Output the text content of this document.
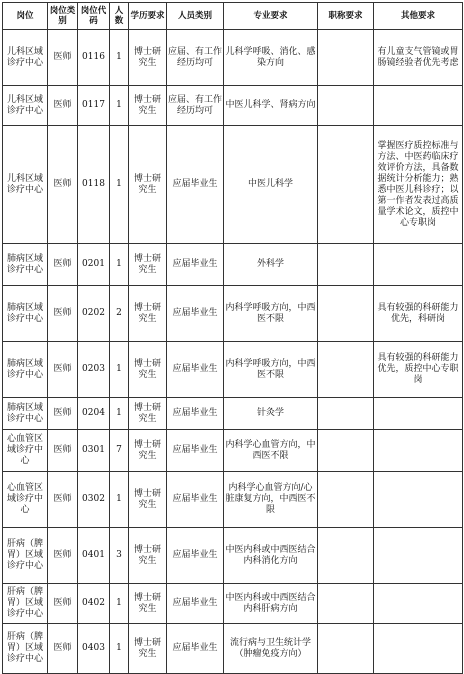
岗位	岗位类别	岗位代码	人数	学历要求	人员类别	专业要求	职称要求	其他要求
儿科区域诊疗中心	医师	0116	1	博士研究生	应届、有工作经历均可	儿科学呼吸、消化、感染方向		有儿童支气管镜或胃肠镜经验者优先考虑
儿科区域诊疗中心	医师	0117	1	博士研究生	应届、有工作经历均可	中医儿科学、肾病方向		
儿科区域诊疗中心	医师	0118	1	博士研究生	应届毕业生	中医儿科学		掌握医疗质控标准与方法、中医药临床疗效评价方法，具备数据统计分析能力；熟悉中医儿科诊疗；以第一作者发表过高质量学术论文，质控中心专职岗
肺病区域诊疗中心	医师	0201	1	博士研究生	应届毕业生	外科学		
肺病区域诊疗中心	医师	0202	2	博士研究生	应届毕业生	内科学呼吸方向，中西医不限		具有较强的科研能力优先，科研岗
肺病区域诊疗中心	医师	0203	1	博士研究生	应届毕业生	内科学呼吸方向，中西医不限		具有较强的科研能力优先，质控中心专职岗
肺病区域诊疗中心	医师	0204	1	博士研究生	应届毕业生	针灸学		
心血管区域诊疗中心	医师	0301	7	博士研究生	应届毕业生	内科学心血管方向，中西医不限		
心血管区域诊疗中心	医师	0302	1	博士研究生	应届毕业生	内科学心血管方向/心脏康复方向，中西医不限		
肝病（脾胃）区域诊疗中心	医师	0401	3	博士研究生	应届毕业生	中医内科或中西医结合内科消化方向		
肝病（脾胃）区域诊疗中心	医师	0402	1	博士研究生	应届毕业生	中医内科或中西医结合内科肝病方向		
肝病（脾胃）区域诊疗中心	医师	0403	1	博士研究生	应届毕业生	流行病与卫生统计学（肿瘤免疫方向）		
